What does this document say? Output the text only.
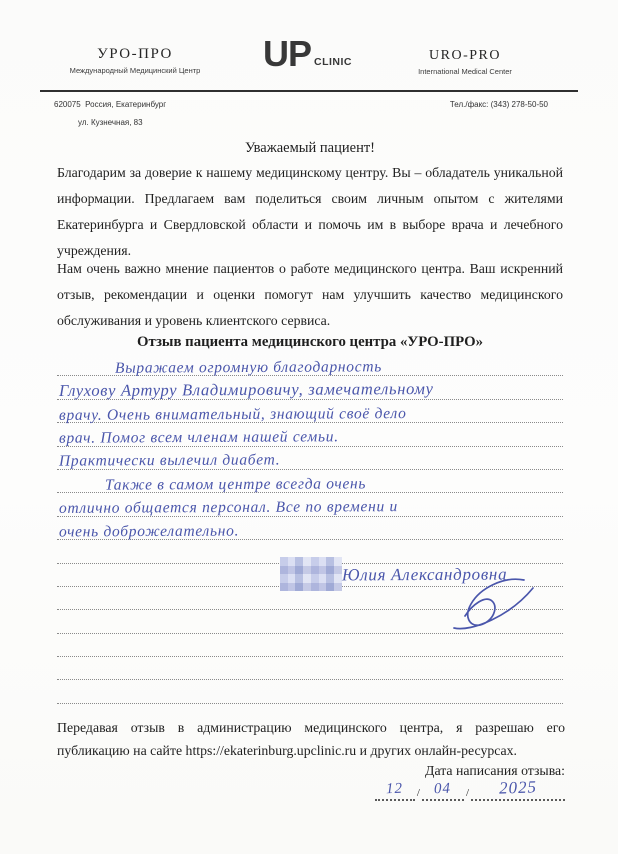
УРО-ПРО
Международный Медицинский Центр	UP CLINIC	URO-PRO
International Medical Center
620075  Россия, Екатеринбург
ул. Кузнечная, 83
Тел./факс: (343) 278-50-50
Уважаемый пациент!

Благодарим за доверие к нашему медицинскому центру. Вы – обладатель уникальной информации. Предлагаем вам поделиться своим личным опытом с жителями Екатеринбурга и Свердловской области и помочь им в выборе врача и лечебного учреждения.

Нам очень важно мнение пациентов о работе медицинского центра. Ваш искренний отзыв, рекомендации и оценки помогут нам улучшить качество медицинского обслуживания и уровень клиентского сервиса.

Отзыв пациента медицинского центра «УРО-ПРО»
Выражаем огромную благодарность
Глухову Артуру Владимировичу, замечательному
врачу. Очень внимательный, знающий своё дело
врач. Помог всем членам нашей семьи.
Практически вылечил диабет.
Также в самом центре всегда очень
отлично общается персонал. Все по времени и
очень доброжелательно.
Юлия Александровна

Передавая отзыв в администрацию медицинского центра, я разрешаю его публикацию на сайте https://ekaterinburg.upclinic.ru и других онлайн-ресурсах.

Дата написания отзыва:
12	/ 04	/	2025
